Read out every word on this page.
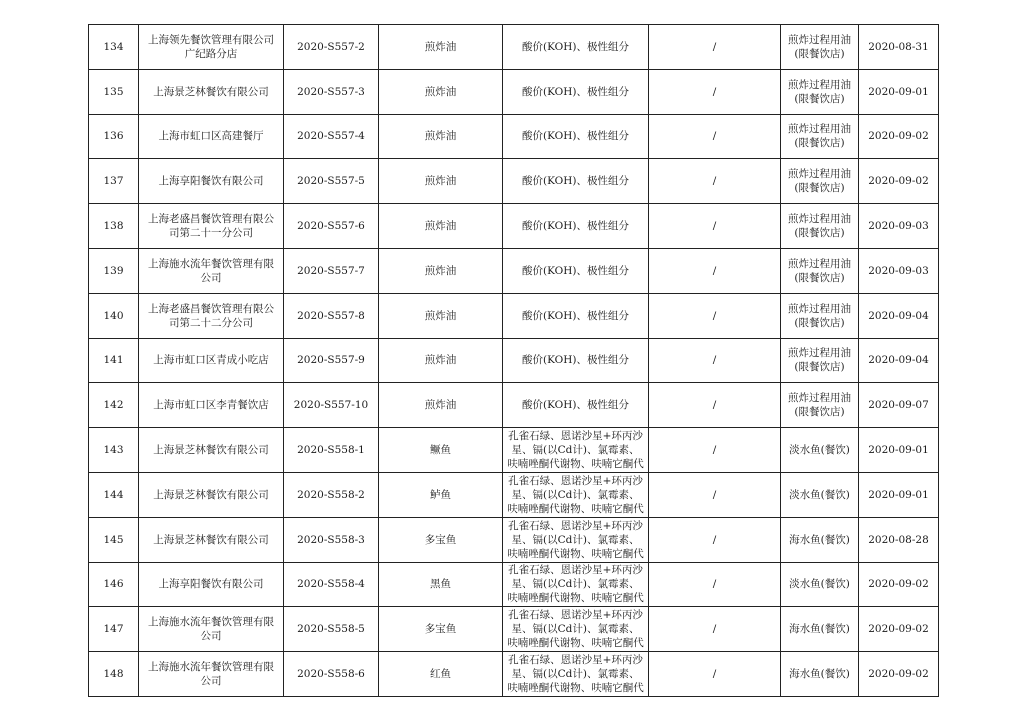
134	上海领先餐饮管理有限公司
广纪路分店	2020-S557-2	煎炸油	酸价(KOH)、极性组分	/	煎炸过程用油
(限餐饮店)	2020-08-31
135	上海景芝林餐饮有限公司	2020-S557-3	煎炸油	酸价(KOH)、极性组分	/	煎炸过程用油
(限餐饮店)	2020-09-01
136	上海市虹口区高建餐厅	2020-S557-4	煎炸油	酸价(KOH)、极性组分	/	煎炸过程用油
(限餐饮店)	2020-09-02
137	上海享阳餐饮有限公司	2020-S557-5	煎炸油	酸价(KOH)、极性组分	/	煎炸过程用油
(限餐饮店)	2020-09-02
138	上海老盛昌餐饮管理有限公
司第二十一分公司	2020-S557-6	煎炸油	酸价(KOH)、极性组分	/	煎炸过程用油
(限餐饮店)	2020-09-03
139	上海施水流年餐饮管理有限
公司	2020-S557-7	煎炸油	酸价(KOH)、极性组分	/	煎炸过程用油
(限餐饮店)	2020-09-03
140	上海老盛昌餐饮管理有限公
司第二十二分公司	2020-S557-8	煎炸油	酸价(KOH)、极性组分	/	煎炸过程用油
(限餐饮店)	2020-09-04
141	上海市虹口区青成小吃店	2020-S557-9	煎炸油	酸价(KOH)、极性组分	/	煎炸过程用油
(限餐饮店)	2020-09-04
142	上海市虹口区李青餐饮店	2020-S557-10	煎炸油	酸价(KOH)、极性组分	/	煎炸过程用油
(限餐饮店)	2020-09-07
143	上海景芝林餐饮有限公司	2020-S558-1	鳜鱼	孔雀石绿、恩诺沙星+环丙沙
星、镉(以Cd计)、氯霉素、
呋喃唑酮代谢物、呋喃它酮代	/	淡水鱼(餐饮)	2020-09-01
144	上海景芝林餐饮有限公司	2020-S558-2	鲈鱼	孔雀石绿、恩诺沙星+环丙沙
星、镉(以Cd计)、氯霉素、
呋喃唑酮代谢物、呋喃它酮代	/	淡水鱼(餐饮)	2020-09-01
145	上海景芝林餐饮有限公司	2020-S558-3	多宝鱼	孔雀石绿、恩诺沙星+环丙沙
星、镉(以Cd计)、氯霉素、
呋喃唑酮代谢物、呋喃它酮代	/	海水鱼(餐饮)	2020-08-28
146	上海享阳餐饮有限公司	2020-S558-4	黑鱼	孔雀石绿、恩诺沙星+环丙沙
星、镉(以Cd计)、氯霉素、
呋喃唑酮代谢物、呋喃它酮代	/	淡水鱼(餐饮)	2020-09-02
147	上海施水流年餐饮管理有限
公司	2020-S558-5	多宝鱼	孔雀石绿、恩诺沙星+环丙沙
星、镉(以Cd计)、氯霉素、
呋喃唑酮代谢物、呋喃它酮代	/	海水鱼(餐饮)	2020-09-02
148	上海施水流年餐饮管理有限
公司	2020-S558-6	红鱼	孔雀石绿、恩诺沙星+环丙沙
星、镉(以Cd计)、氯霉素、
呋喃唑酮代谢物、呋喃它酮代	/	海水鱼(餐饮)	2020-09-02
